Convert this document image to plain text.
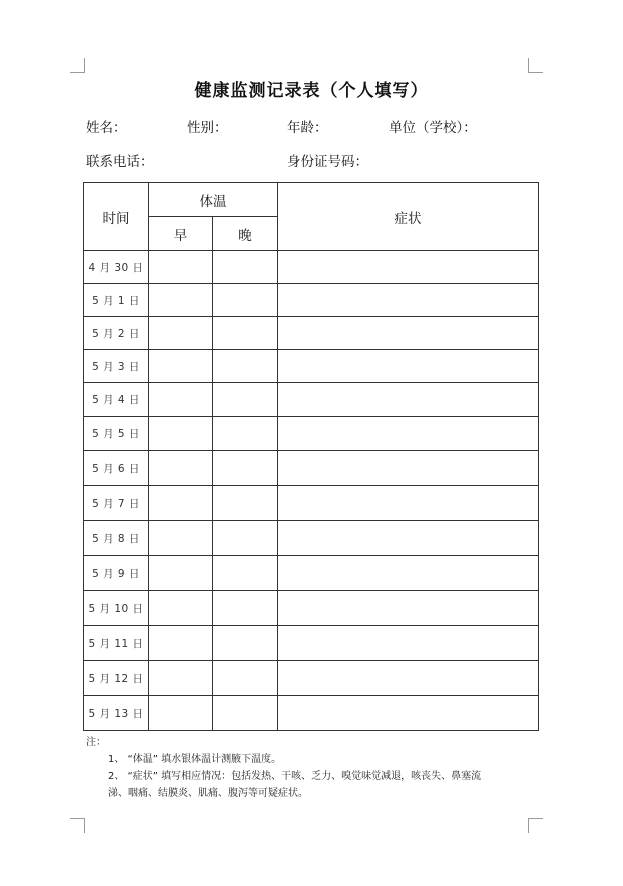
健康监测记录表（个人填写）
姓名：	性别：	年龄：	单位（学校）：
联系电话：	身份证号码：
时间	体温		症状
	早	晚	
4 月 30 日			
5 月 1 日			
5 月 2 日			
5 月 3 日			
5 月 4 日			
5 月 5 日			
5 月 6 日			
5 月 7 日			
5 月 8 日			
5 月 9 日			
5 月 10 日			
5 月 11 日			
5 月 12 日			
5 月 13 日			
注：
1、 “体温” 填水银体温计测腋下温度。
2、 “症状” 填写相应情况：包括发热、干咳、乏力、嗅觉味觉减退，咳丧失、鼻塞流
涕、咽痛、结膜炎、肌痛、腹泻等可疑症状。
